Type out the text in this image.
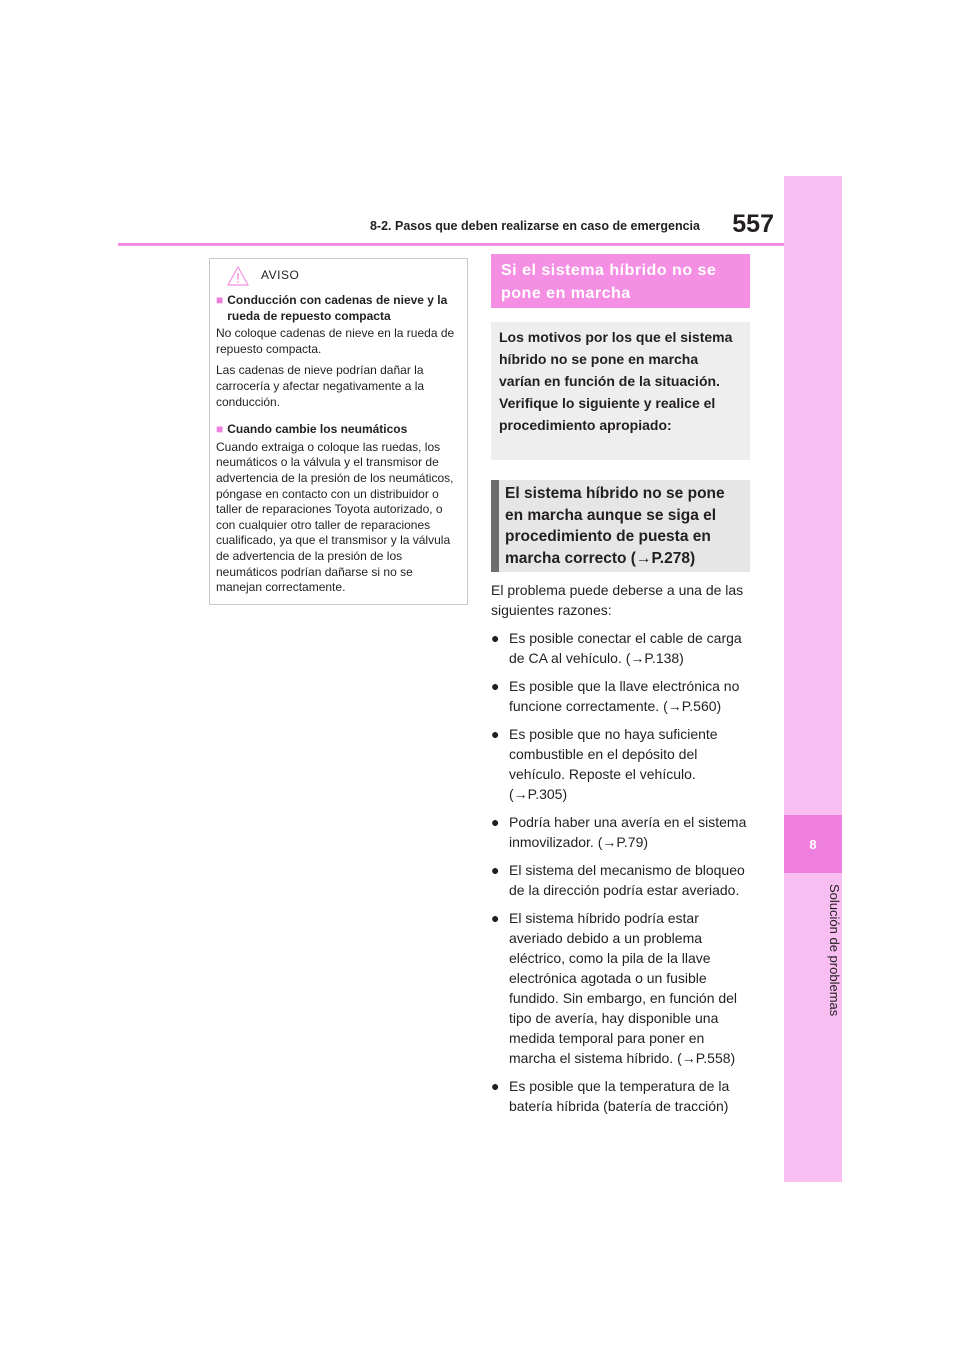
8
Solución de problemas
8-2. Pasos que deben realizarse en caso de emergencia	557
AVISO
■ Conducción con cadenas de nieve y la rueda de repuesto compacta
No coloque cadenas de nieve en la rueda de repuesto compacta.
Las cadenas de nieve podrían dañar la carrocería y afectar negativamente a la conducción.
■ Cuando cambie los neumáticos
Cuando extraiga o coloque las ruedas, los neumáticos o la válvula y el transmisor de advertencia de la presión de los neumáticos, póngase en contacto con un distribuidor o taller de reparaciones Toyota autorizado, o con cualquier otro taller de reparaciones cualificado, ya que el transmisor y la válvula de advertencia de la presión de los neumáticos podrían dañarse si no se manejan correctamente.
Si el sistema híbrido no se pone en marcha
Los motivos por los que el sistema híbrido no se pone en marcha varían en función de la situación. Verifique lo siguiente y realice el procedimiento apropiado:
El sistema híbrido no se pone en marcha aunque se siga el procedimiento de puesta en marcha correcto (→P.278)

El problema puede deberse a una de las siguientes razones:

● Es posible conectar el cable de carga de CA al vehículo. (→P.138)
● Es posible que la llave electrónica no funcione correctamente. (→P.560)
● Es posible que no haya suficiente combustible en el depósito del vehículo. Reposte el vehículo. (→P.305)
● Podría haber una avería en el sistema inmovilizador. (→P.79)
● El sistema del mecanismo de bloqueo de la dirección podría estar averiado.
● El sistema híbrido podría estar averiado debido a un problema eléctrico, como la pila de la llave electrónica agotada o un fusible fundido. Sin embargo, en función del tipo de avería, hay disponible una medida temporal para poner en marcha el sistema híbrido. (→P.558)
● Es posible que la temperatura de la batería híbrida (batería de tracción)
